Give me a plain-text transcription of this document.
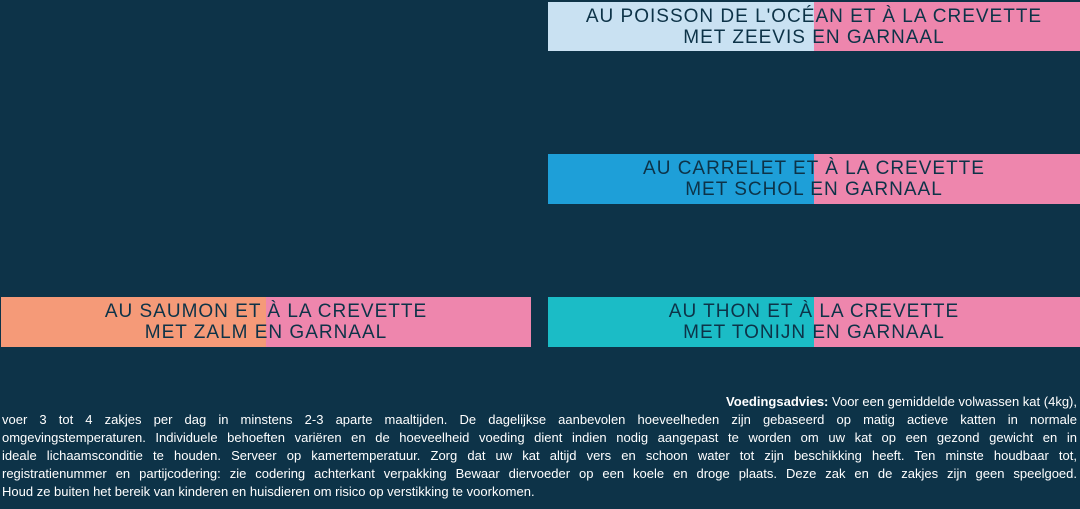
AU POISSON DE L'OCÉAN ET À LA CREVETTE
MET ZEEVIS EN GARNAAL
AU CARRELET ET À LA CREVETTE
MET SCHOL EN GARNAAL
AU SAUMON ET À LA CREVETTE
MET ZALM EN GARNAAL
AU THON ET À LA CREVETTE
MET TONIJN EN GARNAAL
Voedingsadvies: Voor een gemiddelde volwassen kat (4kg),
voer 3 tot 4 zakjes per dag in minstens 2-3 aparte maaltijden. De dagelijkse aanbevolen hoeveelheden zijn gebaseerd op matig actieve katten in normale
omgevingstemperaturen. Individuele behoeften variëren en de hoeveelheid voeding dient indien nodig aangepast te worden om uw kat op een gezond gewicht en in
ideale lichaamsconditie te houden. Serveer op kamertemperatuur. Zorg dat uw kat altijd vers en schoon water tot zijn beschikking heeft. Ten minste houdbaar tot,
registratienummer en partijcodering: zie codering achterkant verpakking Bewaar diervoeder op een koele en droge plaats. Deze zak en de zakjes zijn geen speelgoed.
Houd ze buiten het bereik van kinderen en huisdieren om risico op verstikking te voorkomen.
